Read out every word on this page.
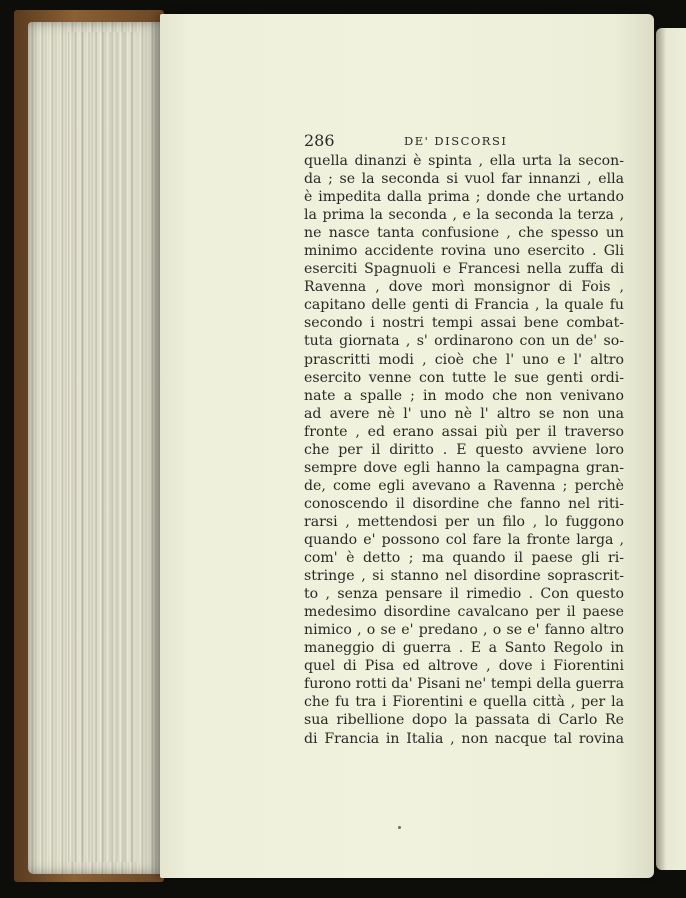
286	DE' DISCORSI
quella dinanzi è spinta , ella urta la secon-
da ; se la seconda si vuol far innanzi , ella
è impedita dalla prima ; donde che urtando
la prima la seconda , e la seconda la terza ,
ne nasce tanta confusione , che spesso un
minimo accidente rovina uno esercito . Gli
eserciti Spagnuoli e Francesi nella zuffa di
Ravenna , dove morì monsignor di Fois ,
capitano delle genti di Francia , la quale fu
secondo i nostri tempi assai bene combat-
tuta giornata , s' ordinarono con un de' so-
prascritti modi , cioè che l' uno e l' altro
esercito venne con tutte le sue genti ordi-
nate a spalle ; in modo che non venivano
ad avere nè l' uno nè l' altro se non una
fronte , ed erano assai più per il traverso
che per il diritto . E questo avviene loro
sempre dove egli hanno la campagna gran-
de, come egli avevano a Ravenna ; perchè
conoscendo il disordine che fanno nel riti-
rarsi , mettendosi per un filo , lo fuggono
quando e' possono col fare la fronte larga ,
com' è detto ; ma quando il paese gli ri-
stringe , si stanno nel disordine soprascrit-
to , senza pensare il rimedio . Con questo
medesimo disordine cavalcano per il paese
nimico , o se e' predano , o se e' fanno altro
maneggio di guerra . E a Santo Regolo in
quel di Pisa ed altrove , dove i Fiorentini
furono rotti da' Pisani ne' tempi della guerra
che fu tra i Fiorentini e quella città , per la
sua ribellione dopo la passata di Carlo Re
di Francia in Italia , non nacque tal rovina
